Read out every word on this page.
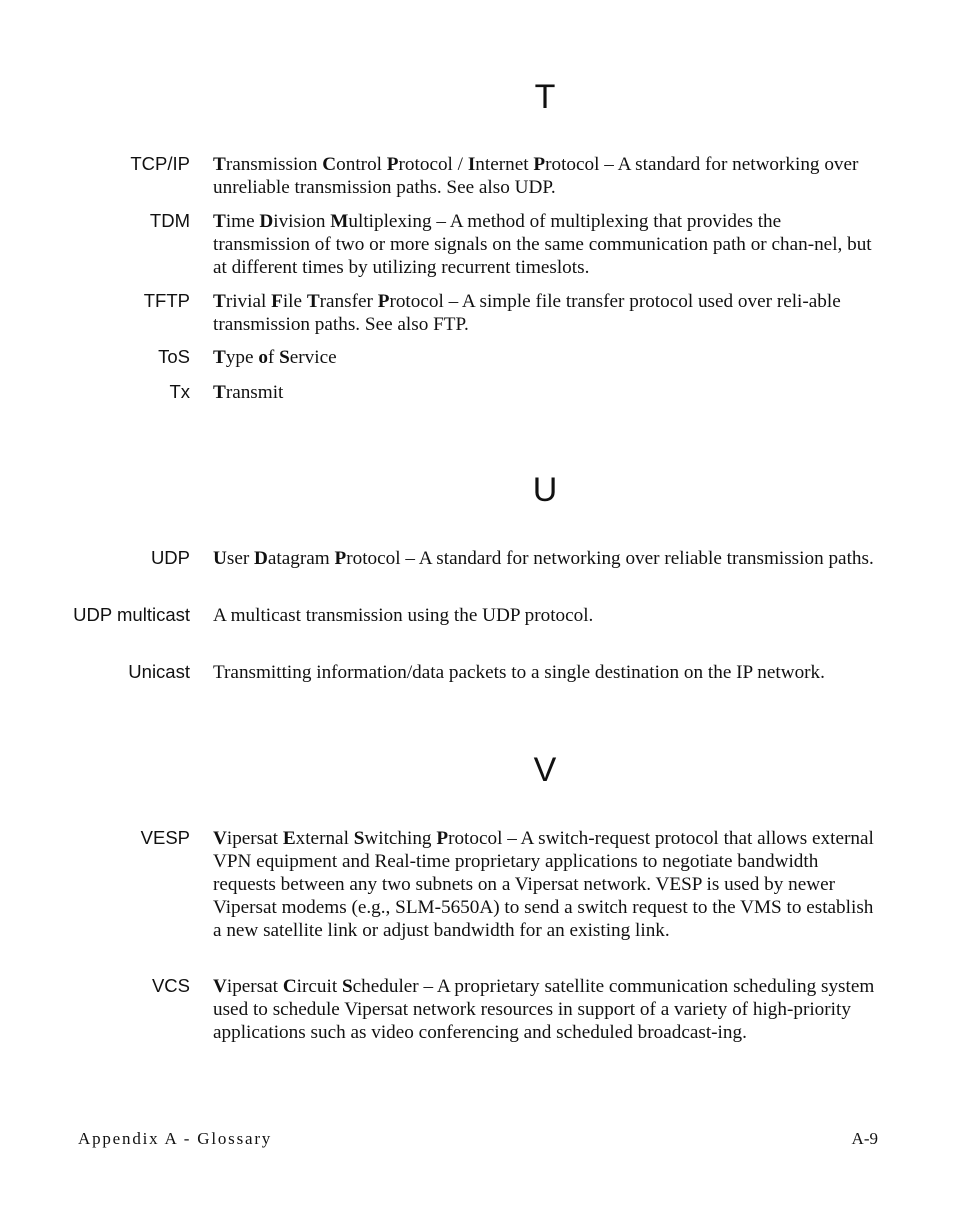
T
TCP/IP Transmission Control Protocol / Internet Protocol – A standard for networking over unreliable transmission paths. See also UDP.
TDM Time Division Multiplexing – A method of multiplexing that provides the transmission of two or more signals on the same communication path or chan-nel, but at different times by utilizing recurrent timeslots.
TFTP Trivial File Transfer Protocol – A simple file transfer protocol used over reli-able transmission paths. See also FTP.
ToS Type of Service
Tx Transmit
U
UDP User Datagram Protocol – A standard for networking over reliable transmission paths.
UDP multicast A multicast transmission using the UDP protocol.
Unicast Transmitting information/data packets to a single destination on the IP network.
V
VESP Vipersat External Switching Protocol – A switch-request protocol that allows external VPN equipment and Real-time proprietary applications to negotiate bandwidth requests between any two subnets on a Vipersat network. VESP is used by newer Vipersat modems (e.g., SLM-5650A) to send a switch request to the VMS to establish a new satellite link or adjust bandwidth for an existing link.
VCS Vipersat Circuit Scheduler – A proprietary satellite communication scheduling system used to schedule Vipersat network resources in support of a variety of high-priority applications such as video conferencing and scheduled broadcast-ing.
Appendix A - Glossary	A-9
